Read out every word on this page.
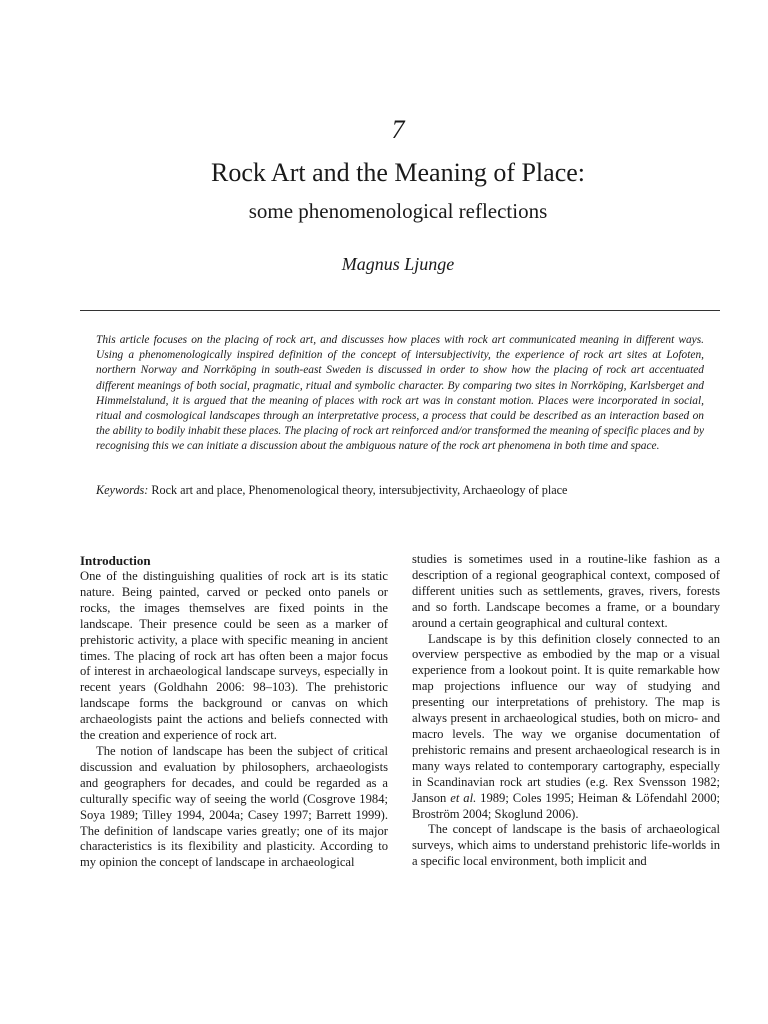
7
Rock Art and the Meaning of Place:
some phenomenological reflections
Magnus Ljunge

This article focuses on the placing of rock art, and discusses how places with rock art communicated meaning in different ways. Using a phenomenologically inspired definition of the concept of intersubjectivity, the experience of rock art sites at Lofoten, northern Norway and Norrköping in south-east Sweden is discussed in order to show how the placing of rock art accentuated different meanings of both social, pragmatic, ritual and symbolic character. By comparing two sites in Norrköping, Karlsberget and Himmelstalund, it is argued that the meaning of places with rock art was in constant motion. Places were incorporated in social, ritual and cosmological landscapes through an interpretative process, a process that could be described as an interaction based on the ability to bodily inhabit these places. The placing of rock art reinforced and/or transformed the meaning of specific places and by recognising this we can initiate a discussion about the ambiguous nature of the rock art phenomena in both time and space.

Keywords: Rock art and place, Phenomenological theory, intersubjectivity, Archaeology of place

Introduction

One of the distinguishing qualities of rock art is its static nature. Being painted, carved or pecked onto panels or rocks, the images themselves are fixed points in the landscape. Their presence could be seen as a marker of prehistoric activity, a place with specific meaning in ancient times. The placing of rock art has often been a major focus of interest in archaeological landscape surveys, especially in recent years (Goldhahn 2006: 98–103). The prehistoric landscape forms the background or canvas on which archaeologists paint the actions and beliefs connected with the creation and experience of rock art.

The notion of landscape has been the subject of critical discussion and evaluation by philosophers, archaeologists and geographers for decades, and could be regarded as a culturally specific way of seeing the world (Cosgrove 1984; Soya 1989; Tilley 1994, 2004a; Casey 1997; Barrett 1999). The definition of landscape varies greatly; one of its major characteristics is its flexibility and plasticity. According to my opinion the concept of landscape in archaeological

studies is sometimes used in a routine-like fashion as a description of a regional geographical context, composed of different unities such as settlements, graves, rivers, forests and so forth. Landscape becomes a frame, or a boundary around a certain geographical and cultural context.

Landscape is by this definition closely connected to an overview perspective as embodied by the map or a visual experience from a lookout point. It is quite remarkable how map projections influence our way of studying and presenting our interpretations of prehistory. The map is always present in archaeological studies, both on micro- and macro levels. The way we organise documentation of prehistoric remains and present archaeological research is in many ways related to contemporary cartography, especially in Scandinavian rock art studies (e.g. Rex Svensson 1982; Janson et al. 1989; Coles 1995; Heiman & Löfendahl 2000; Broström 2004; Skoglund 2006).

The concept of landscape is the basis of archaeological surveys, which aims to understand prehistoric life-worlds in a specific local environment, both implicit and
